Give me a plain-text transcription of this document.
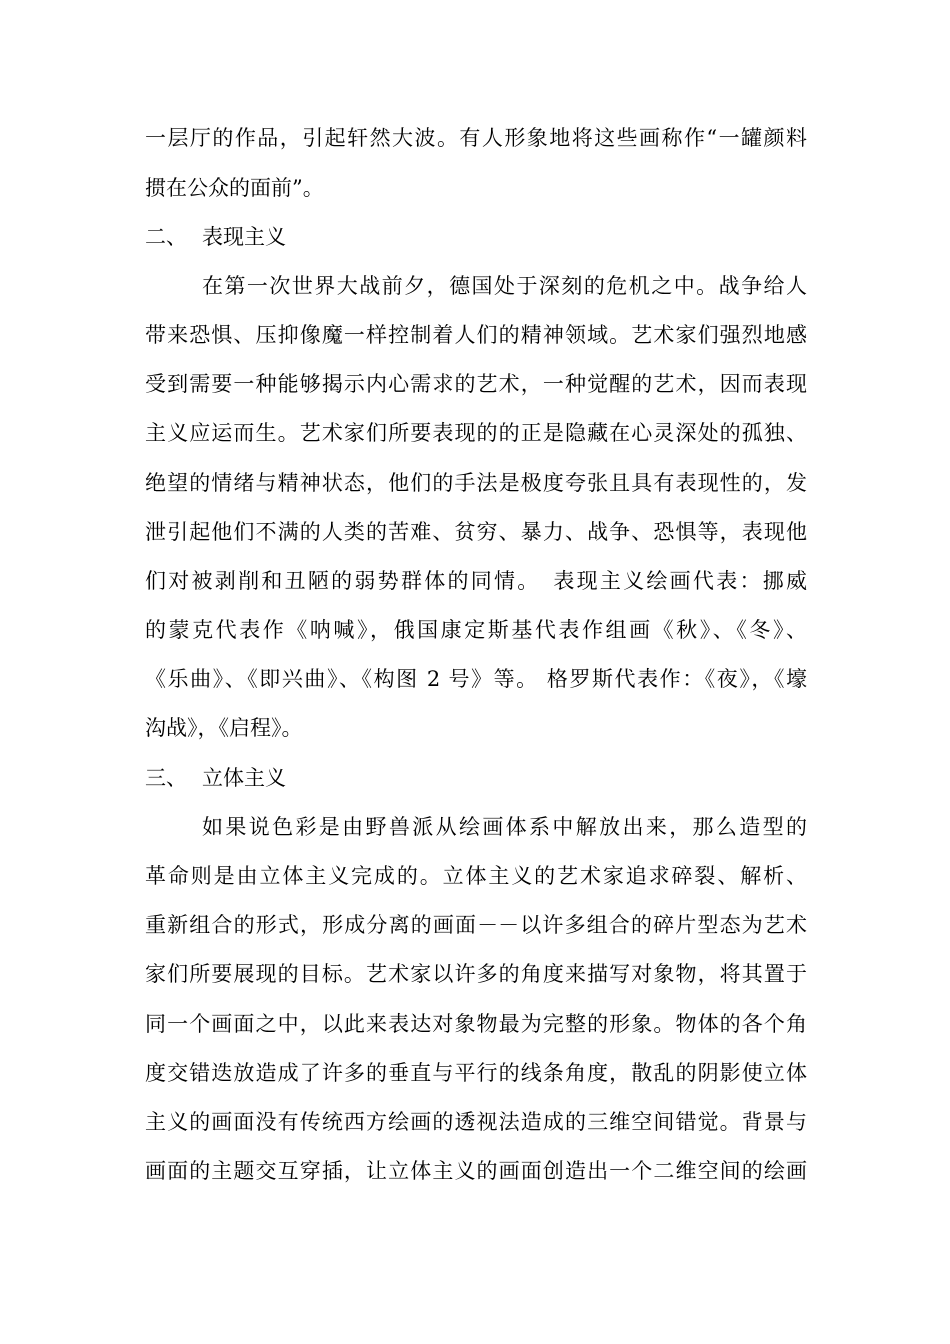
一层厅的作品，引起轩然大波。有人形象地将这些画称作“一罐颜料
掼在公众的面前”。
二、 表现主义
在第一次世界大战前夕，德国处于深刻的危机之中。战争给人
带来恐惧、压抑像魔一样控制着人们的精神领域。艺术家们强烈地感
受到需要一种能够揭示内心需求的艺术，一种觉醒的艺术，因而表现
主义应运而生。艺术家们所要表现的的正是隐藏在心灵深处的孤独、
绝望的情绪与精神状态，他们的手法是极度夸张且具有表现性的，发
泄引起他们不满的人类的苦难、贫穷、暴力、战争、恐惧等，表现他
们对被剥削和丑陋的弱势群体的同情。　表现主义绘画代表：挪威
的蒙克代表作《呐喊》，俄国康定斯基代表作组画《秋》、《冬》、
《乐曲》、《即兴曲》、《构图 2 号》等。 格罗斯代表作：《夜》，《壕
沟战》，《启程》。
三、 立体主义
如果说色彩是由野兽派从绘画体系中解放出来，那么造型的
革命则是由立体主义完成的。立体主义的艺术家追求碎裂、解析、
重新组合的形式，形成分离的画面－－以许多组合的碎片型态为艺术
家们所要展现的目标。艺术家以许多的角度来描写对象物，将其置于
同一个画面之中，以此来表达对象物最为完整的形象。物体的各个角
度交错迭放造成了许多的垂直与平行的线条角度，散乱的阴影使立体
主义的画面没有传统西方绘画的透视法造成的三维空间错觉。背景与
画面的主题交互穿插，让立体主义的画面创造出一个二维空间的绘画
